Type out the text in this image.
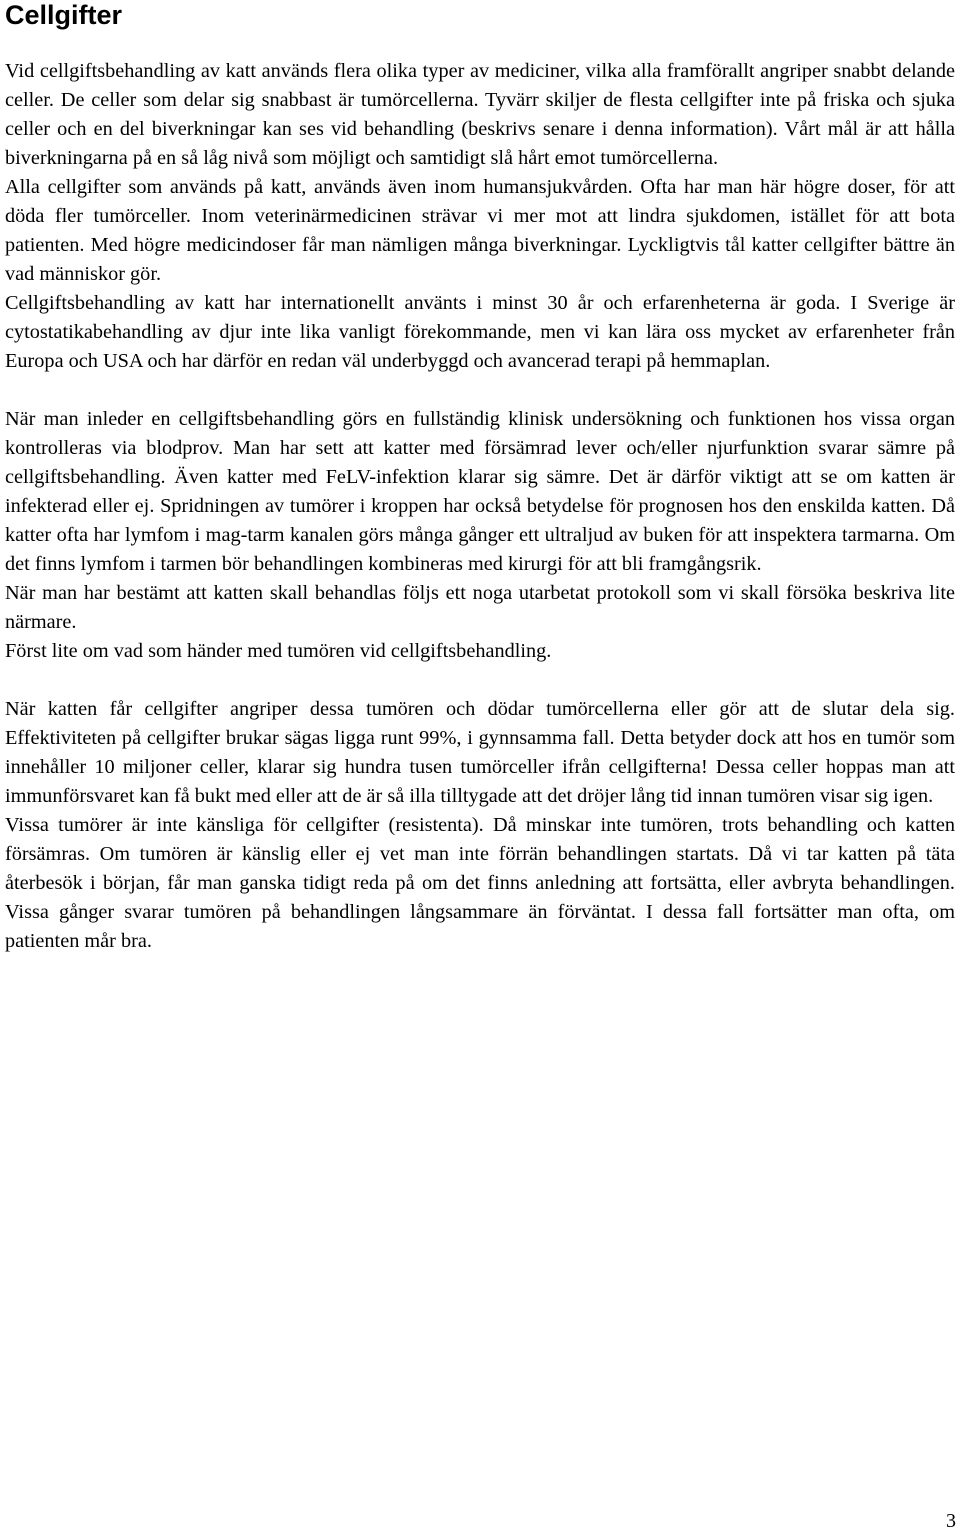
Cellgifter

Vid cellgiftsbehandling av katt används flera olika typer av mediciner, vilka alla framförallt angriper snabbt delande celler. De celler som delar sig snabbast är tumörcellerna. Tyvärr skiljer de flesta cellgifter inte på friska och sjuka celler och en del biverkningar kan ses vid behandling (beskrivs senare i denna information). Vårt mål är att hålla biverkningarna på en så låg nivå som möjligt och samtidigt slå hårt emot tumörcellerna.

Alla cellgifter som används på katt, används även inom humansjukvården. Ofta har man här högre doser, för att döda fler tumörceller. Inom veterinärmedicinen strävar vi mer mot att lindra sjukdomen, istället för att bota patienten. Med högre medicindoser får man nämligen många biverkningar. Lyckligtvis tål katter cellgifter bättre än vad människor gör.

Cellgiftsbehandling av katt har internationellt använts i minst 30 år och erfarenheterna är goda. I Sverige är cytostatikabehandling av djur inte lika vanligt förekommande, men vi kan lära oss mycket av erfarenheter från Europa och USA och har därför en redan väl underbyggd och avancerad terapi på hemmaplan.

När man inleder en cellgiftsbehandling görs en fullständig klinisk undersökning och funktionen hos vissa organ kontrolleras via blodprov. Man har sett att katter med försämrad lever och/eller njurfunktion svarar sämre på cellgiftsbehandling. Även katter med FeLV-infektion klarar sig sämre. Det är därför viktigt att se om katten är infekterad eller ej. Spridningen av tumörer i kroppen har också betydelse för prognosen hos den enskilda katten. Då katter ofta har lymfom i mag-tarm kanalen görs många gånger ett ultraljud av buken för att inspektera tarmarna. Om det finns lymfom i tarmen bör behandlingen kombineras med kirurgi för att bli framgångsrik.

När man har bestämt att katten skall behandlas följs ett noga utarbetat protokoll som vi skall försöka beskriva lite närmare.

Först lite om vad som händer med tumören vid cellgiftsbehandling.

När katten får cellgifter angriper dessa tumören och dödar tumörcellerna eller gör att de slutar dela sig. Effektiviteten på cellgifter brukar sägas ligga runt 99%, i gynnsamma fall. Detta betyder dock att hos en tumör som innehåller 10 miljoner celler, klarar sig hundra tusen tumörceller ifrån cellgifterna! Dessa celler hoppas man att immunförsvaret kan få bukt med eller att de är så illa tilltygade att det dröjer lång tid innan tumören visar sig igen.

Vissa tumörer är inte känsliga för cellgifter (resistenta). Då minskar inte tumören, trots behandling och katten försämras. Om tumören är känslig eller ej vet man inte förrän behandlingen startats. Då vi tar katten på täta återbesök i början, får man ganska tidigt reda på om det finns anledning att fortsätta, eller avbryta behandlingen. Vissa gånger svarar tumören på behandlingen långsammare än förväntat. I dessa fall fortsätter man ofta, om patienten mår bra.

3
